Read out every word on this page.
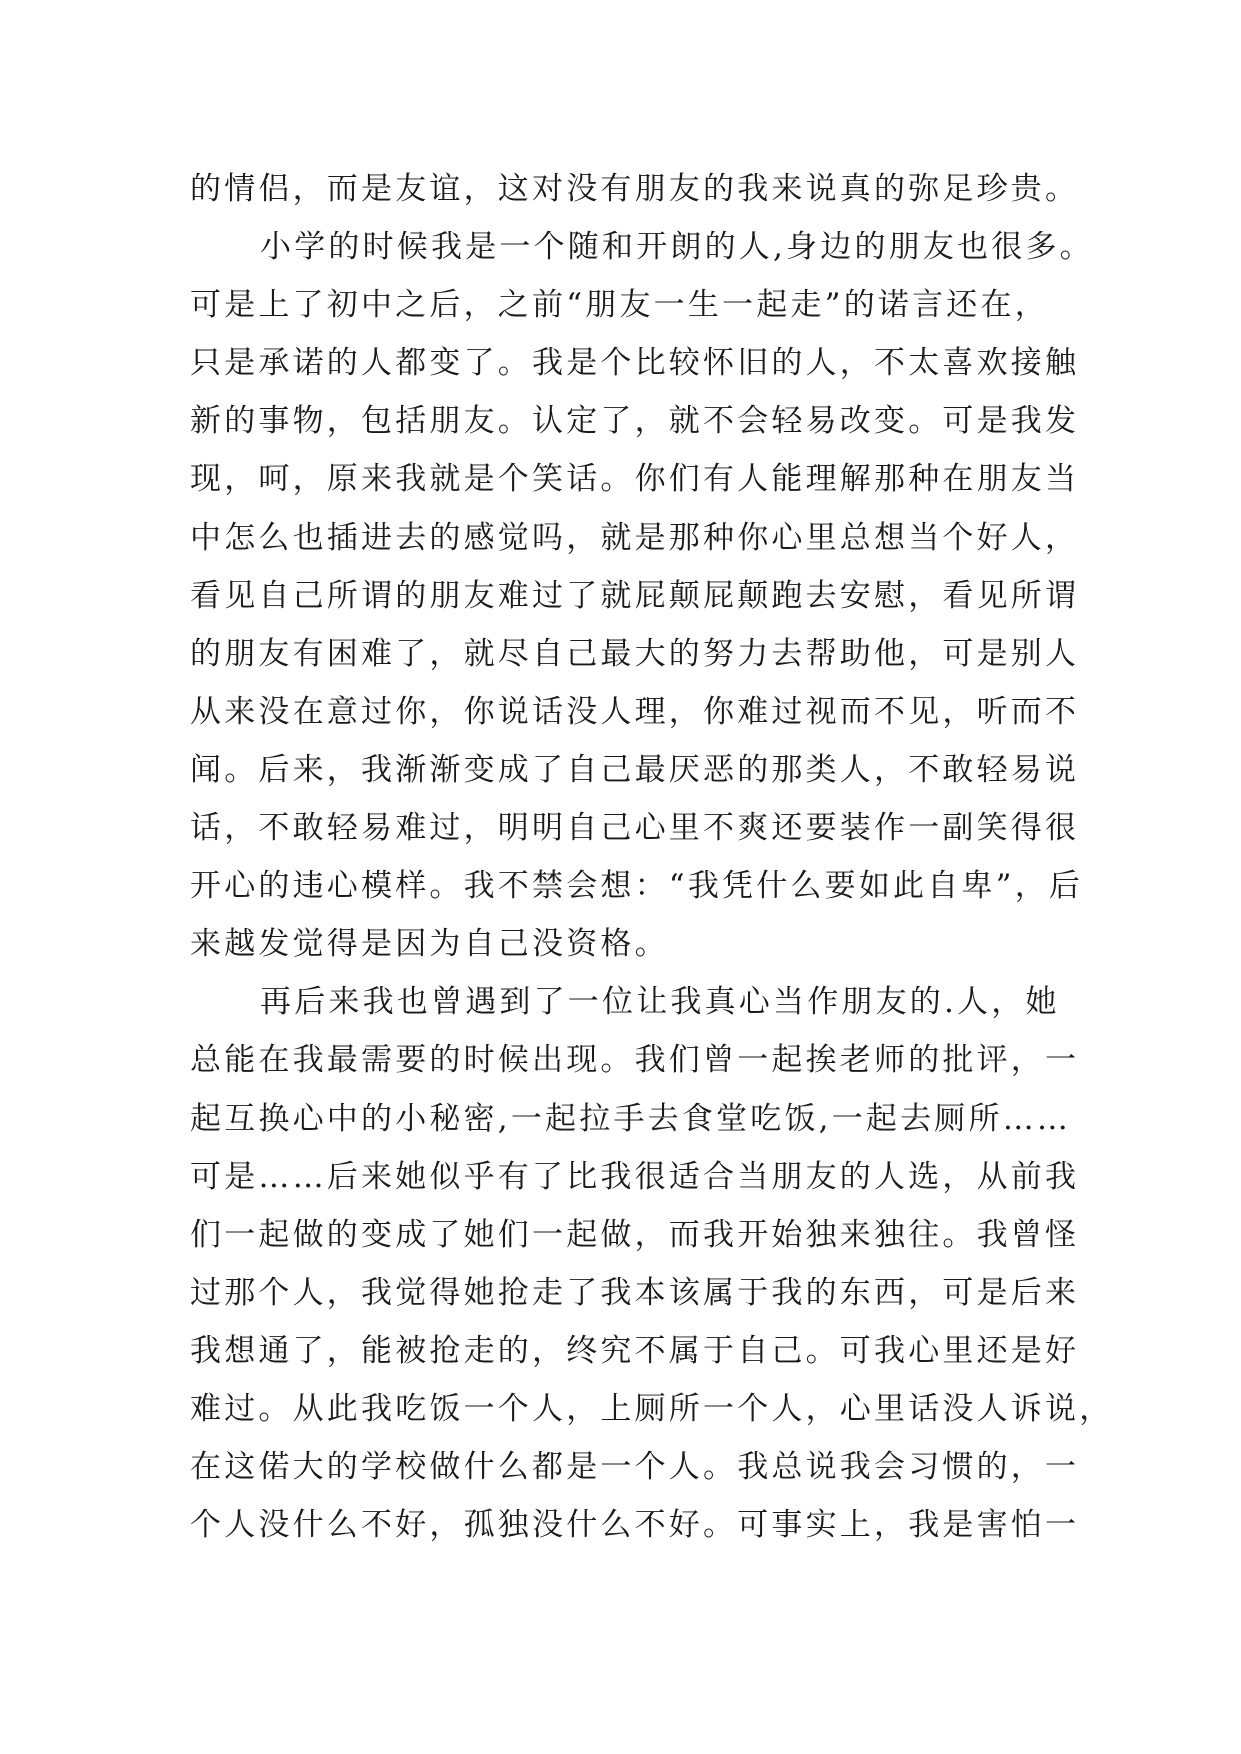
的情侣，而是友谊，这对没有朋友的我来说真的弥足珍贵。
小学的时候我是一个随和开朗的人,身边的朋友也很多。
可是上了初中之后，之前“朋友一生一起走”的诺言还在，
只是承诺的人都变了。我是个比较怀旧的人，不太喜欢接触
新的事物，包括朋友。认定了，就不会轻易改变。可是我发
现，呵，原来我就是个笑话。你们有人能理解那种在朋友当
中怎么也插进去的感觉吗，就是那种你心里总想当个好人，
看见自己所谓的朋友难过了就屁颠屁颠跑去安慰，看见所谓
的朋友有困难了，就尽自己最大的努力去帮助他，可是别人
从来没在意过你，你说话没人理，你难过视而不见，听而不
闻。后来，我渐渐变成了自己最厌恶的那类人，不敢轻易说
话，不敢轻易难过，明明自己心里不爽还要装作一副笑得很
开心的违心模样。我不禁会想：“我凭什么要如此自卑”，后
来越发觉得是因为自己没资格。
再后来我也曾遇到了一位让我真心当作朋友的.人，她
总能在我最需要的时候出现。我们曾一起挨老师的批评，一
起互换心中的小秘密,一起拉手去食堂吃饭,一起去厕所……
可是……后来她似乎有了比我很适合当朋友的人选，从前我
们一起做的变成了她们一起做，而我开始独来独往。我曾怪
过那个人，我觉得她抢走了我本该属于我的东西，可是后来
我想通了，能被抢走的，终究不属于自己。可我心里还是好
难过。从此我吃饭一个人，上厕所一个人，心里话没人诉说，
在这偌大的学校做什么都是一个人。我总说我会习惯的，一
个人没什么不好，孤独没什么不好。可事实上，我是害怕一
